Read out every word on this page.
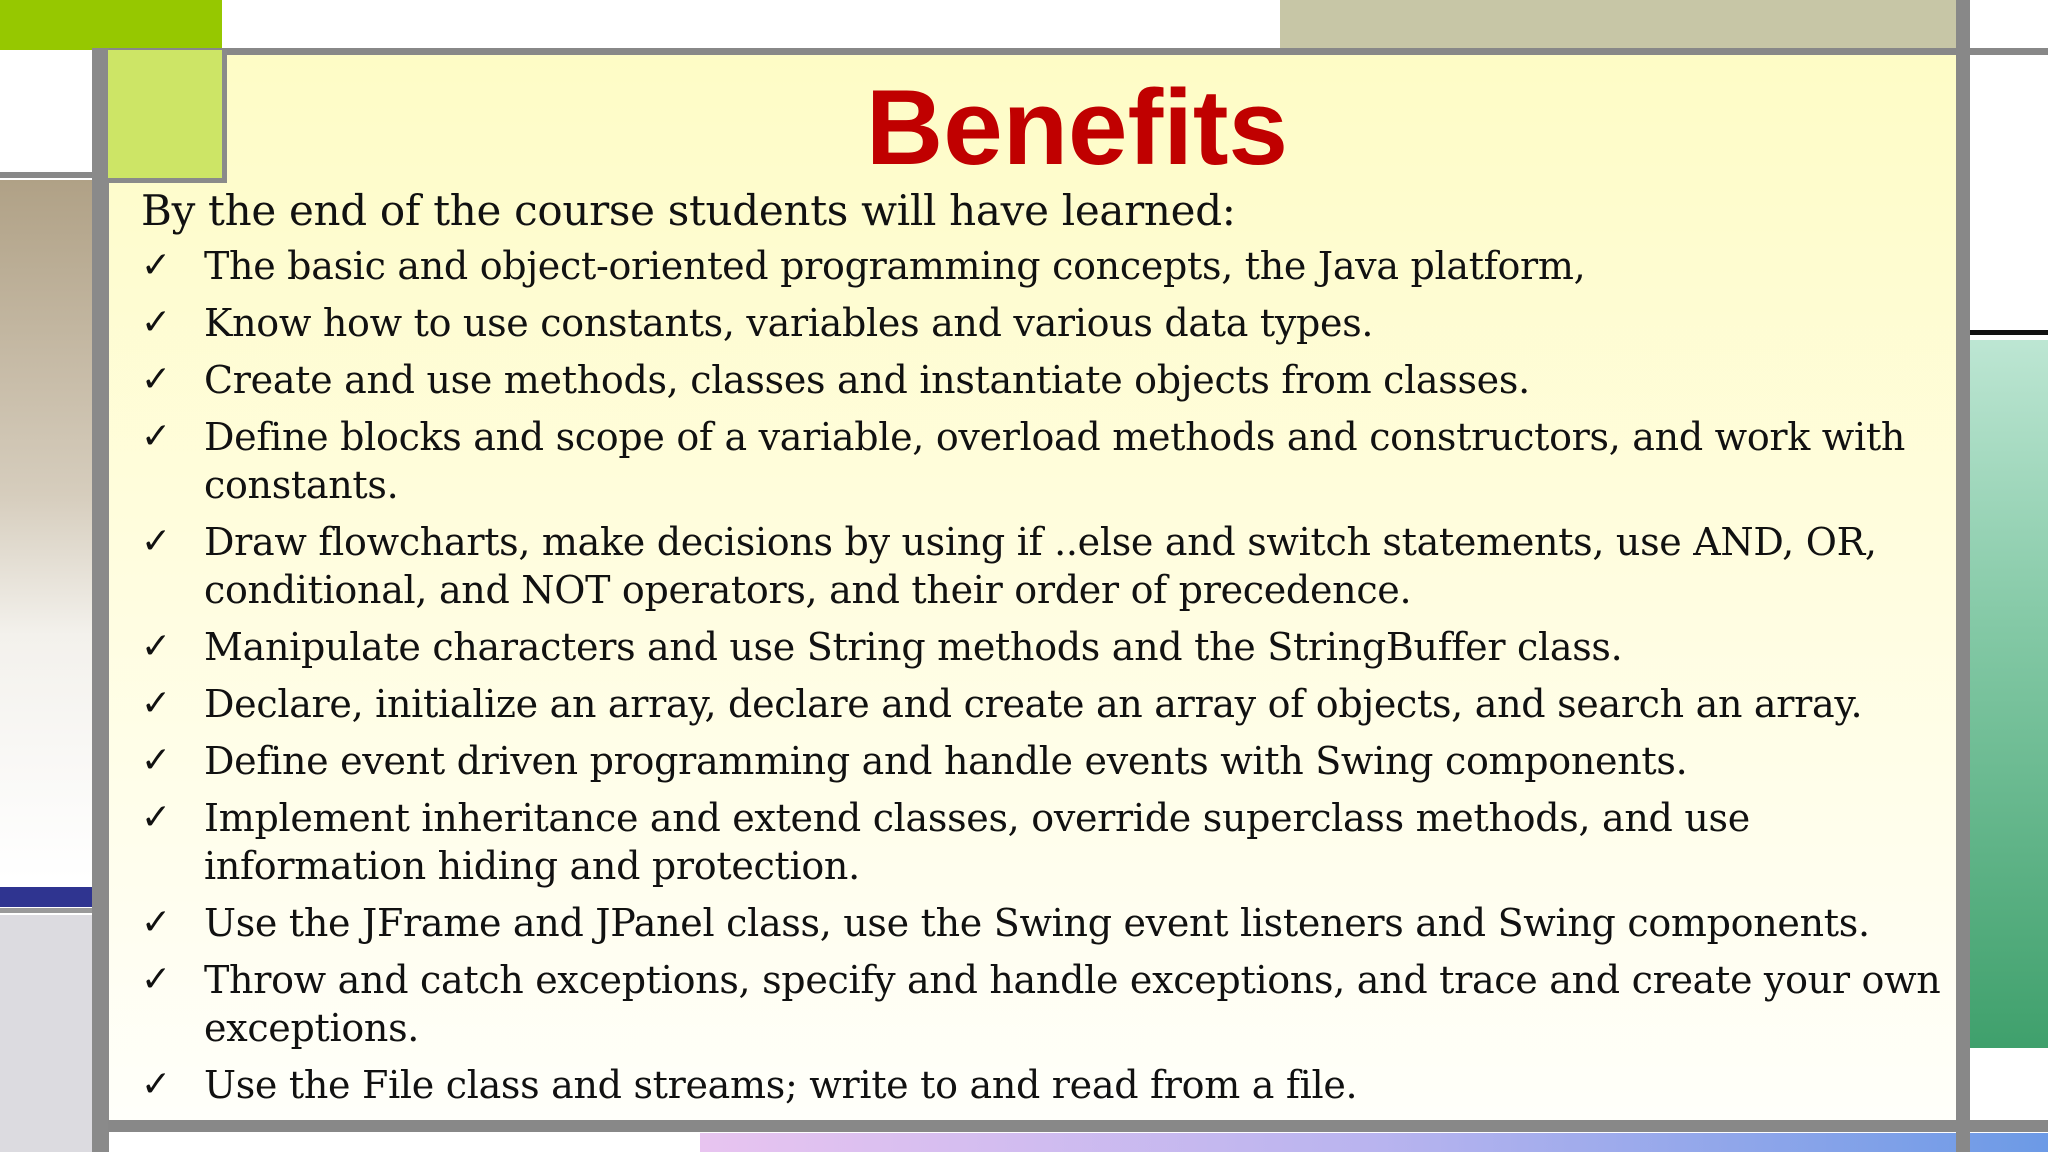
Benefits
By the end of the course students will have learned:
✓ The basic and object-oriented programming concepts, the Java platform,
✓ Know how to use constants, variables and various data types.
✓ Create and use methods, classes and instantiate objects from classes.
✓ Define blocks and scope of a variable, overload methods and constructors, and work with constants.
✓ Draw flowcharts, make decisions by using if ..else and switch statements, use AND, OR, conditional, and NOT operators, and their order of precedence.
✓ Manipulate characters and use String methods and the StringBuffer class.
✓ Declare, initialize an array, declare and create an array of objects, and search an array.
✓ Define event driven programming and handle events with Swing components.
✓ Implement inheritance and extend classes, override superclass methods, and use information hiding and protection.
✓ Use the JFrame and JPanel class, use the Swing event listeners and Swing components.
✓ Throw and catch exceptions, specify and handle exceptions, and trace and create your own exceptions.
✓ Use the File class and streams; write to and read from a file.
